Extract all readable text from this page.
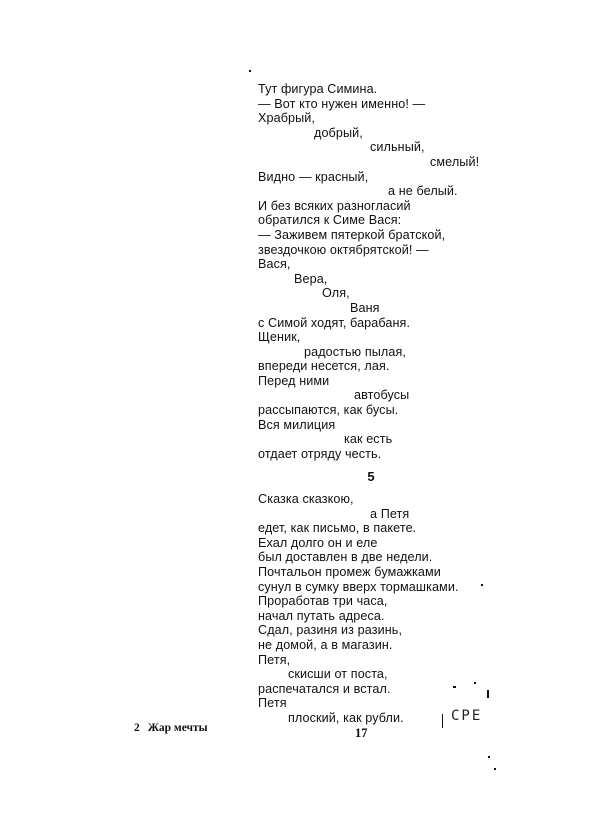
Тут фигура Симина.
— Вот кто нужен именно! —
Храбрый,
добрый,
сильный,
смелый!
Видно — красный,
а не белый.
И без всяких разногласий
обратился к Симе Вася:
— Заживем пятеркой братской,
звездочкою октябрятской! —
Вася,
Вера,
Оля,
Ваня
с Симой ходят, барабаня.
Щеник,
радостью пылая,
впереди несется, лая.
Перед ними
автобусы
рассыпаются, как бусы.
Вся милиция
как есть
отдает отряду честь.
5
Сказка сказкою,
а Петя
едет, как письмо, в пакете.
Ехал долго он и еле
был доставлен в две недели.
Почтальон промеж бумажками
сунул в сумку вверх тормашками.
Проработав три часа,
начал путать адреса.
Сдал, разиня из разинь,
не домой, а в магазин.
Петя,
скисши от поста,
распечатался и встал.
Петя
плоский, как рубли.
2 Жар мечты	17
CPE
